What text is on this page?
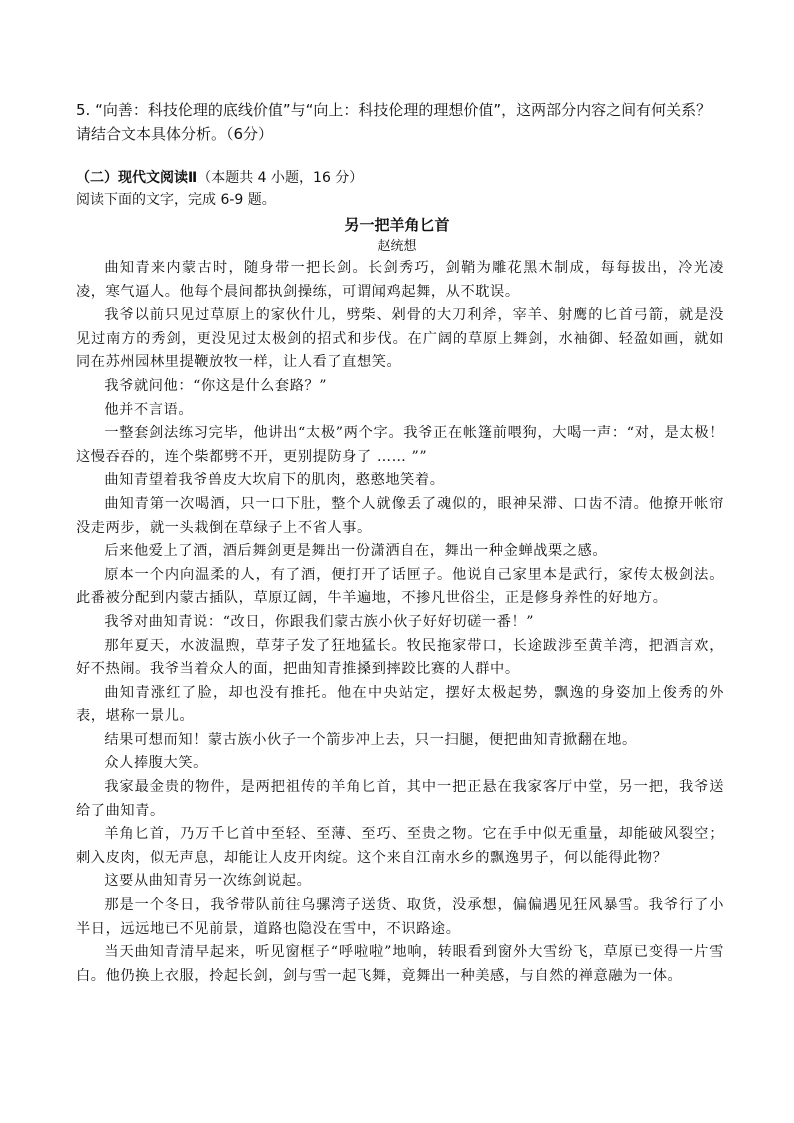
5. “向善：科技伦理的底线价值”与“向上：科技伦理的理想价值”，这两部分内容之间有何关系？请结合文本具体分析。（6分）

（二）现代文阅读Ⅱ（本题共 4 小题，16 分）

阅读下面的文字，完成 6-9 题。

另一把羊角匕首

赵统想

曲知青来内蒙古时，随身带一把长剑。长剑秀巧，剑鞘为雕花黑木制成，每每拔出，冷光凌凌，寒气逼人。他每个晨间都执剑操练，可谓闻鸡起舞，从不耽误。

我爷以前只见过草原上的家伙什儿，劈柴、剁骨的大刀利斧，宰羊、射鹰的匕首弓箭，就是没见过南方的秀剑，更没见过太极剑的招式和步伐。在广阔的草原上舞剑，水袖御、轻盈如画，就如同在苏州园林里提鞭放牧一样，让人看了直想笑。

我爷就问他：“你这是什么套路？”

他并不言语。

一整套剑法练习完毕，他讲出“太极”两个字。我爷正在帐篷前喂狗，大喝一声：“对，是太极！这慢吞吞的，连个柴都劈不开，更别提防身了 …… ””

曲知青望着我爷兽皮大坎肩下的肌肉，憨憨地笑着。

曲知青第一次喝酒，只一口下肚，整个人就像丢了魂似的，眼神呆滞、口齿不清。他撩开帐帘没走两步，就一头栽倒在草绿子上不省人事。

后来他爱上了酒，酒后舞剑更是舞出一份潇洒自在，舞出一种金蝉战栗之感。

原本一个内向温柔的人，有了酒，便打开了话匣子。他说自己家里本是武行，家传太极剑法。此番被分配到内蒙古插队，草原辽阔，牛羊遍地，不掺凡世俗尘，正是修身养性的好地方。

我爷对曲知青说：“改日，你跟我们蒙古族小伙子好好切磋一番！”

那年夏天，水波温煦，草芽子发了狂地猛长。牧民拖家带口，长途跋涉至黄羊湾，把酒言欢，好不热闹。我爷当着众人的面，把曲知青推搡到摔跤比赛的人群中。

曲知青涨红了脸，却也没有推托。他在中央站定，摆好太极起势，飘逸的身姿加上俊秀的外表，堪称一景儿。

结果可想而知！蒙古族小伙子一个箭步冲上去，只一扫腿，便把曲知青掀翻在地。

众人捧腹大笑。

我家最金贵的物件，是两把祖传的羊角匕首，其中一把正悬在我家客厅中堂，另一把，我爷送给了曲知青。

羊角匕首，乃万千匕首中至轻、至薄、至巧、至贵之物。它在手中似无重量，却能破风裂空；刺入皮肉，似无声息，却能让人皮开肉绽。这个来自江南水乡的飘逸男子，何以能得此物？

这要从曲知青另一次练剑说起。

那是一个冬日，我爷带队前往乌骡湾子送货、取货，没承想，偏偏遇见狂风暴雪。我爷行了小半日，远远地已不见前景，道路也隐没在雪中，不识路途。

当天曲知青清早起来，听见窗框子“呼啦啦”地响，转眼看到窗外大雪纷飞，草原已变得一片雪白。他仍换上衣服，拎起长剑，剑与雪一起飞舞，竟舞出一种美感，与自然的禅意融为一体。
